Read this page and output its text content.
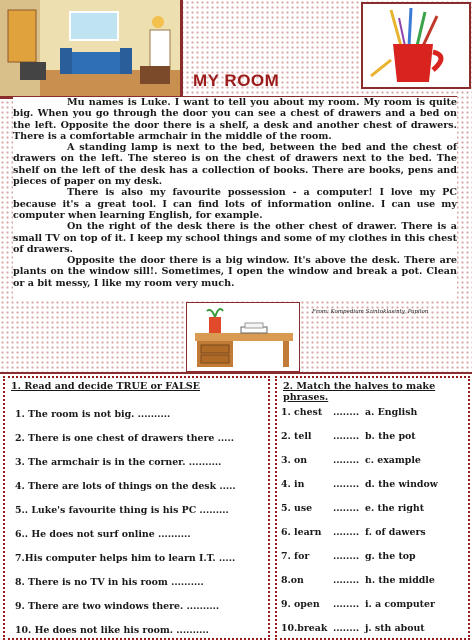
MY ROOM

Mu names is Luke. I want to tell you about my room. My room is quite big. When you go through the door you can see a chest of drawers and a bed on the left. Opposite the door there is a shelf, a desk and another chest of drawers. There is a comfortable armchair in the middle of the room.

A standing lamp is next to the bed, between the bed and the chest of drawers on the left. The stereo is on the chest of drawers next to the bed. The shelf on the left of the desk has a collection of books. There are books, pens and pieces of paper on my desk.

There is also my favourite possession - a computer! I love my PC because it's a great tool. I can find lots of information online. I can use my computer when learning English, for example.

On the right of the desk there is the other chest of drawer. There is a small TV on top of it. I keep my school things and some of my clothes in this chest of drawers.

Opposite the door there is a big window. It's above the desk. There are plants on the window sill!. Sometimes, I open the window and break a pot. Clean or a bit messy, I like my room very much.

From: Kompedium Szintoklasinty, Papilon
1. Read and decide TRUE or FALSE
1. The room is not big. ..........
2. There is one chest of drawers there .....
3. The armchair is in the corner. ..........
4. There are lots of things on the desk .....
5.. Luke's favourite thing is his PC .........
6.. He does not surf online ..........
7.His computer helps him to learn I.T. .....
8. There is no TV in his room ..........
9. There are two windows there. ..........
10. He does not like his room. ..........
2. Match the halves to make phrases.
1. chest ........ a. English
2. tell ........ b. the pot
3. on	........ c. example
4. in	........ d. the window
5. use ........ e. the right
6. learn ........ f. of dawers
7. for	........ g. the top
8.on	........ h. the middle
9. open ........ i. a computer
10.break ........ j. sth about
